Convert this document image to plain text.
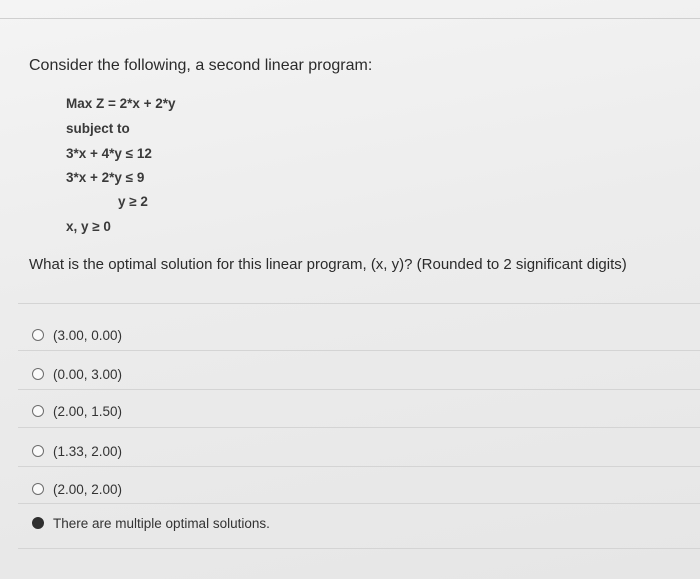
Consider the following, a second linear program:
Max Z = 2*x + 2*y
subject to
3*x + 4*y ≤ 12
3*x + 2*y ≤ 9
y ≥ 2
x, y ≥ 0
What is the optimal solution for this linear program, (x, y)? (Rounded to 2 significant digits)
(3.00, 0.00)
(0.00, 3.00)
(2.00, 1.50)
(1.33, 2.00)
(2.00, 2.00)
There are multiple optimal solutions.
